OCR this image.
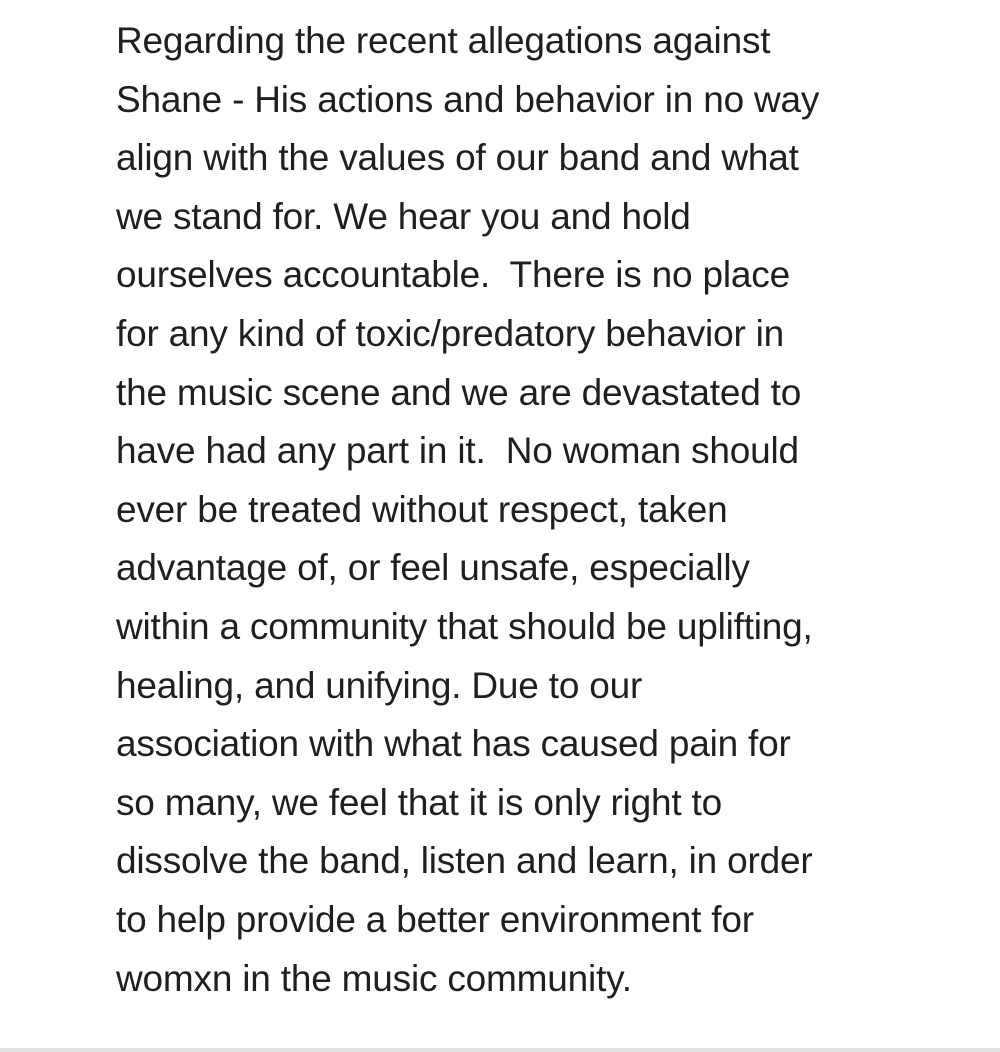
Regarding the recent allegations against
Shane - His actions and behavior in no way
align with the values of our band and what
we stand for. We hear you and hold
ourselves accountable.  There is no place
for any kind of toxic/predatory behavior in
the music scene and we are devastated to
have had any part in it.  No woman should
ever be treated without respect, taken
advantage of, or feel unsafe, especially
within a community that should be uplifting,
healing, and unifying. Due to our
association with what has caused pain for
so many, we feel that it is only right to
dissolve the band, listen and learn, in order
to help provide a better environment for
womxn in the music community.
